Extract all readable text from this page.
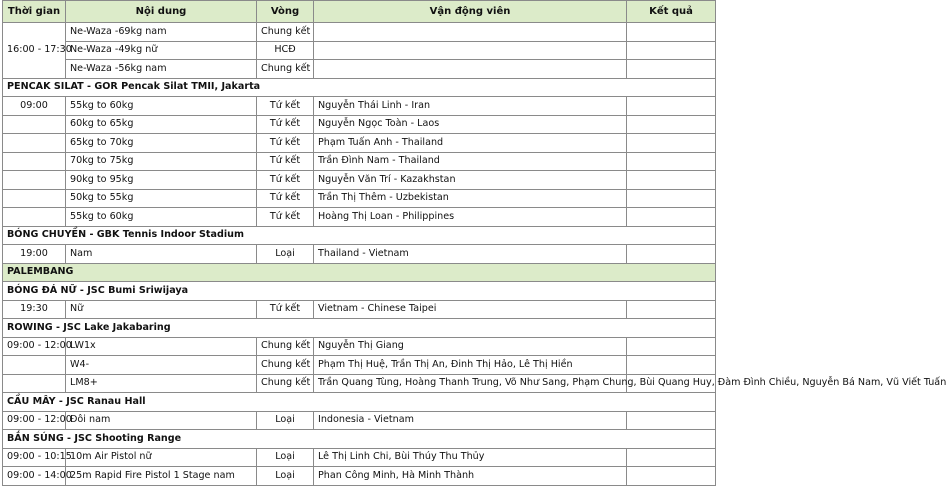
Thời gian	Nội dung	Vòng	Vận động viên	Kết quả
16:00 - 17:30	Ne-Waza -69kg nam	Chung kết		
	Ne-Waza -49kg nữ	HCĐ		
	Ne-Waza -56kg nam	Chung kết		
PENCAK SILAT - GOR Pencak Silat TMII, Jakarta				
09:00	55kg to 60kg	Tứ kết	Nguyễn Thái Linh - Iran	
	60kg to 65kg	Tứ kết	Nguyễn Ngọc Toàn - Laos	
	65kg to 70kg	Tứ kết	Phạm Tuấn Anh - Thailand	
	70kg to 75kg	Tứ kết	Trần Đình Nam - Thailand	
	90kg to 95kg	Tứ kết	Nguyễn Văn Trí - Kazakhstan	
	50kg to 55kg	Tứ kết	Trần Thị Thêm - Uzbekistan	
	55kg to 60kg	Tứ kết	Hoàng Thị Loan - Philippines	
BÓNG CHUYỀN - GBK Tennis Indoor Stadium				
19:00	Nam	Loại	Thailand - Vietnam	
PALEMBANG				
BÓNG ĐÁ NỮ - JSC Bumi Sriwijaya				
19:30	Nữ	Tứ kết	Vietnam - Chinese Taipei	
ROWING - JSC Lake Jakabaring				
09:00 - 12:00	LW1x	Chung kết	Nguyễn Thị Giang	
	W4-	Chung kết	Phạm Thị Huệ, Trần Thị An, Đinh Thị Hảo, Lê Thị Hiền	
	LM8+	Chung kết	Trần Quang Tùng, Hoàng Thanh Trung, Võ Như Sang, Phạm Chung, Bùi Quang Huy, Đàm Đình Chiều, Nguyễn Bá Nam, Vũ Viết Tuấn	
CẦU MÂY - JSC Ranau Hall				
09:00 - 12:00	Đôi nam	Loại	Indonesia - Vietnam	
BẮN SÚNG - JSC Shooting Range				
09:00 - 10:15	10m Air Pistol nữ	Loại	Lê Thị Linh Chi, Bùi Thúy Thu Thủy	
09:00 - 14:00	25m Rapid Fire Pistol 1 Stage nam	Loại	Phan Công Minh, Hà Minh Thành	
